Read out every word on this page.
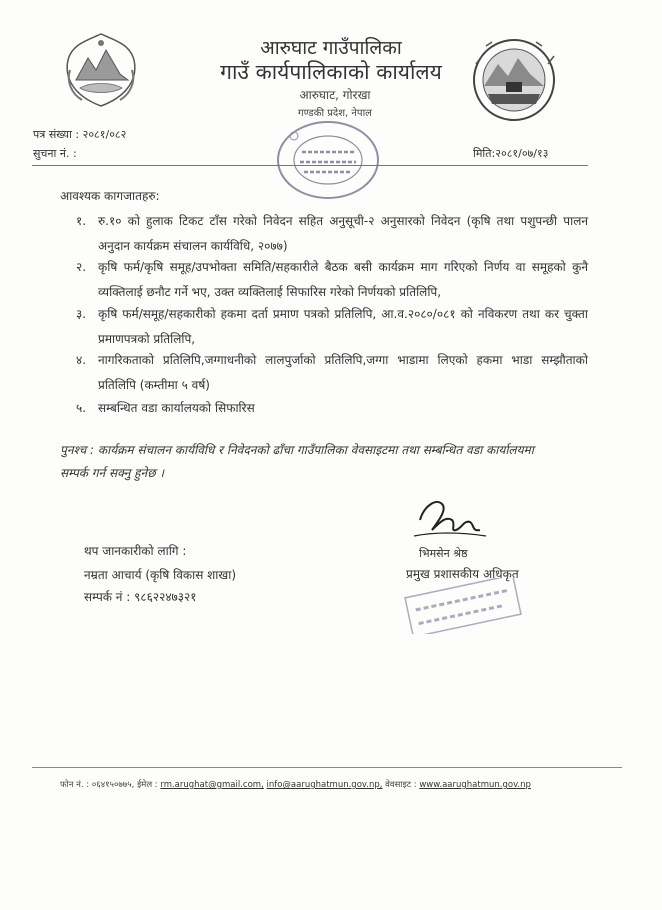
आरुघाट गाउँपालिका
गाउँ कार्यपालिकाको कार्यालय
आरुघाट, गोरखा
गण्डकी प्रदेश, नेपाल
पत्र संख्या : २०८१/०८२
सुचना नं. :	मिति:२०८१/०७/१३
आवश्यक कागजातहरु:
१. रु.१० को हुलाक टिकट टाँस गरेको निवेदन सहित अनुसूची-२ अनुसारको निवेदन (कृषि तथा पशुपन्छी पालन अनुदान कार्यक्रम संचालन कार्यविधि, २०७७)
२. कृषि फर्म/कृषि समूह/उपभोक्ता समिति/सहकारीले बैठक बसी कार्यक्रम माग गरिएको निर्णय वा समूहको कुनै व्यक्तिलाई छनौट गर्ने भए, उक्त व्यक्तिलाई सिफारिस गरेको निर्णयको प्रतिलिपि,
३. कृषि फर्म/समूह/सहकारीको हकमा दर्ता प्रमाण पत्रको प्रतिलिपि, आ.व.२०८०/०८१ को नविकरण तथा कर चुक्ता प्रमाणपत्रको प्रतिलिपि,
४. नागरिकताको प्रतिलिपि,जग्गाधनीको लालपुर्जाको प्रतिलिपि,जग्गा भाडामा लिएको हकमा भाडा सम्झौताको प्रतिलिपि (कम्तीमा ५ वर्ष)
५. सम्बन्धित वडा कार्यालयको सिफारिस
पुनश्च : कार्यक्रम संचालन कार्यविधि र निवेदनको ढाँचा गाउँपालिका वेवसाइटमा तथा सम्बन्धित वडा कार्यालयमा सम्पर्क गर्न सक्नु हुनेछ ।
भिमसेन श्रेष्ठ
प्रमुख प्रशासकीय अधिकृत
थप जानकारीको लागि :
नम्रता आचार्य (कृषि विकास शाखा)
सम्पर्क नं : ९८६२२४७३२१
फोन नं. : ०६४१५०७७५, ईमेल : rm.arughat@gmail.com, info@aarughatmun.gov.np, वेवसाइट : www.aarughatmun.gov.np
